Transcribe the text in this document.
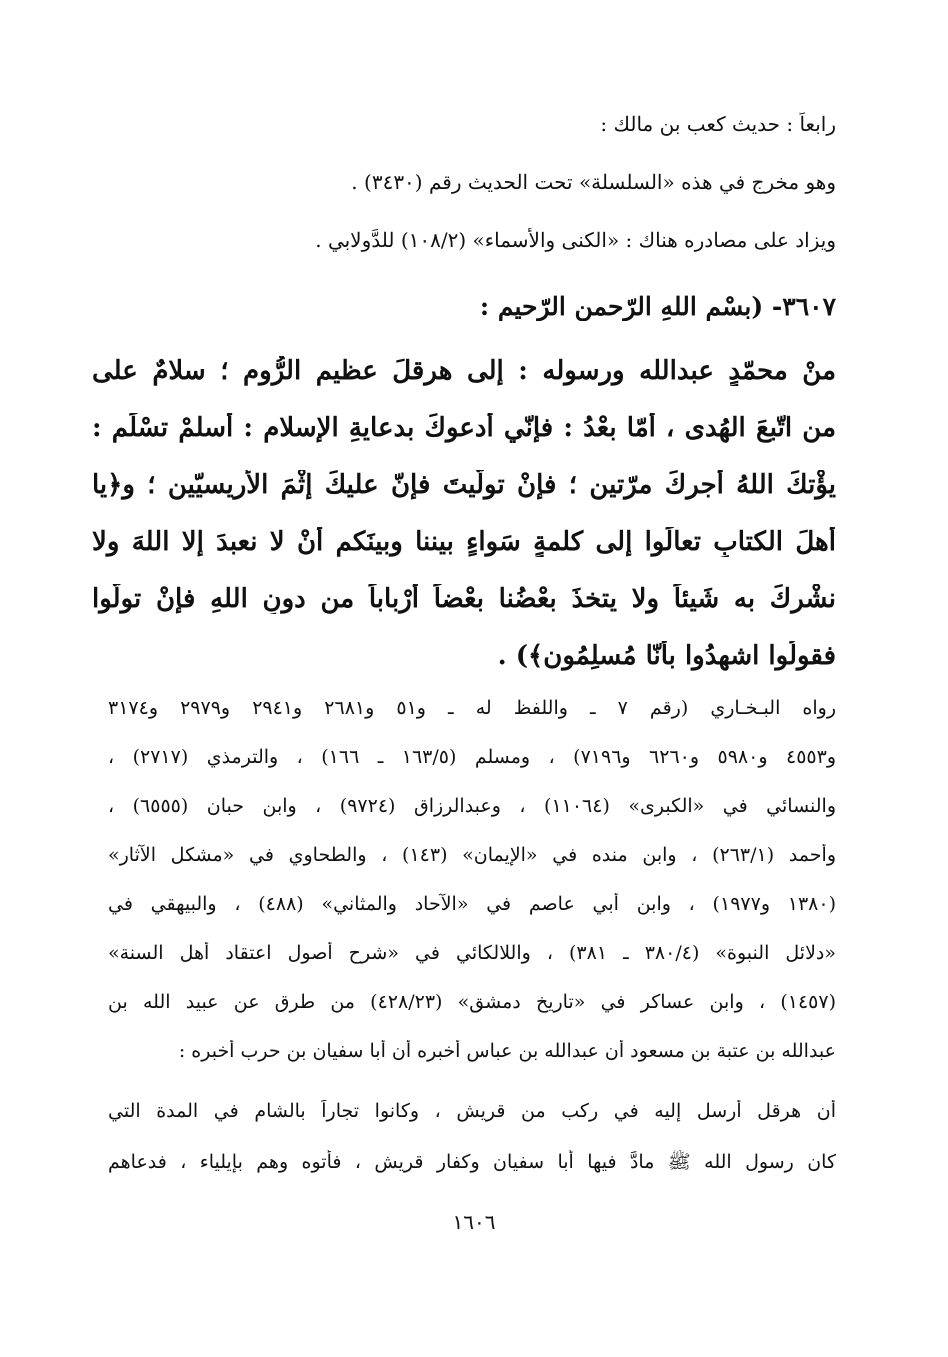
رابعاً : حديث كعب بن مالك :
وهو مخرج في هذه «السلسلة» تحت الحديث رقم (٣٤٣٠) .
ويزاد على مصادره هناك : «الكنى والأسماء» (١٠٨/٢) للدَّولابي .
٣٦٠٧- (بسْمِ اللهِ الرّحمنِ الرّحيم :
منْ محمّدٍ عبدالله ورسوله : إلى هرقلَ عظيمِ الرُّوم ؛ سلامٌ على
من اتّبعَ الهُدى ، أمّا بعْدُ : فإنّي أَدعوكَ بدعايةِ الإسلام : أسلمْ تسْلَم :
يؤْتكَ اللهُ أجركَ مرّتين ؛ فإنْ تولّيتَ فإنّ عليكَ إثْمَ الأريسيّين ؛ و﴿يا
أهلَ الكتابِ تعالَوا إلى كلمةٍ سَواءٍ بيننا وبينَكم أنْ لا نعبدَ إلا اللهَ ولا
نشْركَ به شَيئاً ولا يتخذَ بعْضُنا بعْضاً أرْباباً من دونِ اللهِ فإنْ تولّوا
فقولُوا اشهدُوا بأنّا مُسلِمُون﴾) .
رواه البـخـاري (رقم ٧ ـ واللفظ له ـ و٥١ و٢٦٨١ و٢٩٤١ و٢٩٧٩ و٣١٧٤
و٤٥٥٣ و٥٩٨٠ و٦٢٦٠ و٧١٩٦) ، ومسلم (١٦٣/٥ ـ ١٦٦) ، والترمذي (٢٧١٧) ،
والنسائي في «الكبرى» (١١٠٦٤) ، وعبدالرزاق (٩٧٢٤) ، وابن حبان (٦٥٥٥) ،
وأحمد (٢٦٣/١) ، وابن منده في «الإيمان» (١٤٣) ، والطحاوي في «مشكل الآثار»
(١٣٨٠ و١٩٧٧) ، وابن أبي عاصم في «الآحاد والمثاني» (٤٨٨) ، والبيهقي في
«دلائل النبوة» (٣٨٠/٤ ـ ٣٨١) ، واللالكائي في «شرح أصول اعتقاد أهل السنة»
(١٤٥٧) ، وابن عساكر في «تاريخ دمشق» (٤٢٨/٢٣) من طرق عن عبيد الله بن
عبدالله بن عتبة بن مسعود أن عبدالله بن عباس أخبره أن أبا سفيان بن حرب أخبره :
أن هرقل أرسل إليه في ركب من قريش ، وكانوا تجاراً بالشام في المدة التي
كان رسول الله ﷺ مادَّ فيها أبا سفيان وكفار قريش ، فأتوه وهم بإيلياء ، فدعاهم
١٦٠٦
